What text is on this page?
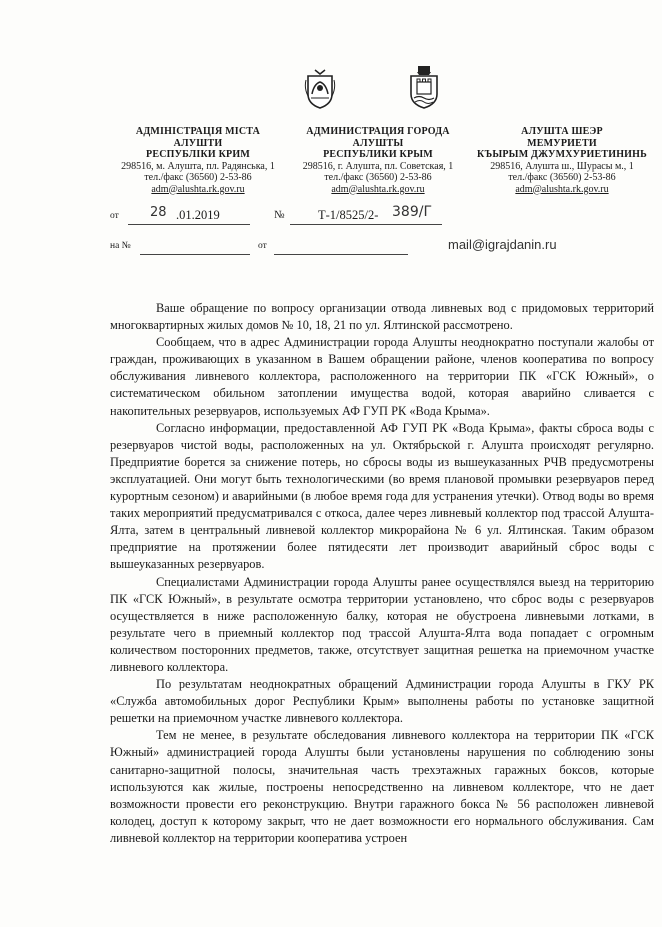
АДМІНІСТРАЦІЯ МІСТА
АЛУШТИ
РЕСПУБЛІКИ КРИМ
298516, м. Алушта, пл. Радянська, 1
тел./факс (36560) 2-53-86
adm@alushta.rk.gov.ru
АДМИНИСТРАЦИЯ ГОРОДА
АЛУШТЫ
РЕСПУБЛИКИ КРЫМ
298516, г. Алушта, пл. Советская, 1
тел./факс (36560) 2-53-86
adm@alushta.rk.gov.ru
АЛУШТА ШЕЭР
МЕМУРИЕТИ
КЪЫРЫМ ДЖУМХУРИЕТИНИНЬ
298516, Алушта ш., Шурасы м., 1
тел./факс (36560) 2-53-86
adm@alushta.rk.gov.ru
от 28 .01.2019	№	Т-1/8525/2- 389/Г
на №	от	mail@igrajdanin.ru

Ваше обращение по вопросу организации отвода ливневых вод с придомовых территорий многоквартирных жилых домов № 10, 18, 21 по ул. Ялтинской рассмотрено.

Сообщаем, что в адрес Администрации города Алушты неоднократно поступали жалобы от граждан, проживающих в указанном в Вашем обращении районе, членов кооператива по вопросу обслуживания ливневого коллектора, расположенного на территории ПК «ГСК Южный», о систематическом обильном затоплении имущества водой, которая аварийно сливается с накопительных резервуаров, используемых АФ ГУП РК «Вода Крыма».

Согласно информации, предоставленной АФ ГУП РК «Вода Крыма», факты сброса воды с резервуаров чистой воды, расположенных на ул. Октябрьской г. Алушта происходят регулярно. Предприятие борется за снижение потерь, но сбросы воды из вышеуказанных РЧВ предусмотрены эксплуатацией. Они могут быть технологическими (во время плановой промывки резервуаров перед курортным сезоном) и аварийными (в любое время года для устранения утечки). Отвод воды во время таких мероприятий предусматривался с откоса, далее через ливневый коллектор под трассой Алушта-Ялта, затем в центральный ливневой коллектор микрорайона № 6 ул. Ялтинская. Таким образом предприятие на протяжении более пятидесяти лет производит аварийный сброс воды с вышеуказанных резервуаров.

Специалистами Администрации города Алушты ранее осуществлялся выезд на территорию ПК «ГСК Южный», в результате осмотра территории установлено, что сброс воды с резервуаров осуществляется в ниже расположенную балку, которая не обустроена ливневыми лотками, в результате чего в приемный коллектор под трассой Алушта-Ялта вода попадает с огромным количеством посторонних предметов, также, отсутствует защитная решетка на приемочном участке ливневого коллектора.

По результатам неоднократных обращений Администрации города Алушты в ГКУ РК «Служба автомобильных дорог Республики Крым» выполнены работы по установке защитной решетки на приемочном участке ливневого коллектора.

Тем не менее, в результате обследования ливневого коллектора на территории ПК «ГСК Южный» администрацией города Алушты были установлены нарушения по соблюдению зоны санитарно-защитной полосы, значительная часть трехэтажных гаражных боксов, которые используются как жилые, построены непосредственно на ливневом коллекторе, что не дает возможности провести его реконструкцию. Внутри гаражного бокса № 56 расположен ливневой колодец, доступ к которому закрыт, что не дает возможности его нормального обслуживания. Сам ливневой коллектор на территории кооператива устроен
